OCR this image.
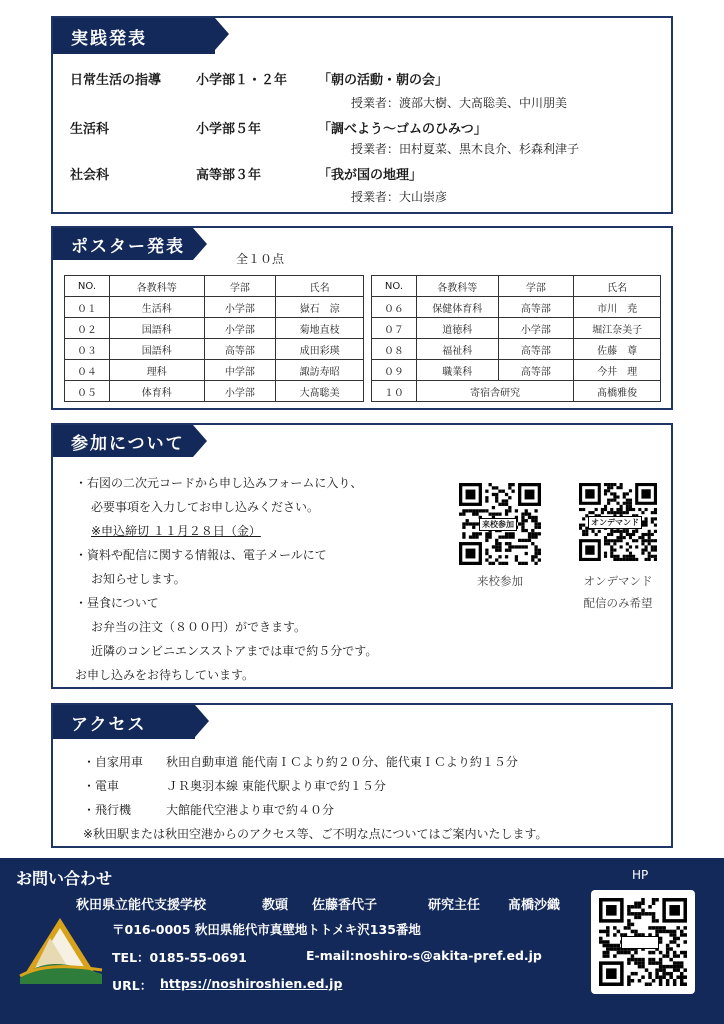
実践発表
日常生活の指導	小学部１・２年 「朝の活動・朝の会」
授業者：渡部大樹、大髙聡美、中川朋美
生活科	小学部５年	「調べよう～ゴムのひみつ」
授業者：田村夏菜、黒木良介、杉森利津子
社会科	高等部３年	「我が国の地理」
授業者：大山崇彦
ポスター発表
全１０点
NO.	各教科等	学部	氏名
０１	生活科	小学部	嶽石　涼
０２	国語科	小学部	菊地直枝
０３	国語科	高等部	成田彩瑛
０４	理科	中学部	諏訪寿昭
０５	体育科	小学部	大髙聡美
NO.	各教科等	学部	氏名
０６	保健体育科	高等部	市川　尭
０７	道徳科	小学部	堀江奈美子
０８	福祉科	高等部	佐藤　尊
０９	職業科	高等部	今井　理
１０	寄宿舎研究		髙橋雅俊
参加について
・右図の二次元コードから申し込みフォームに入り、
必要事項を入力してお申し込みください。
※申込締切 １１月２８日（金）
・資料や配信に関する情報は、電子メールにて
お知らせします。
・昼食について
お弁当の注文（８００円）ができます。
近隣のコンビニエンスストアまでは車で約５分です。
お申し込みをお待ちしています。
来校参加
来校参加
オンデマンド
オンデマンド
配信のみ希望
アクセス
・自家用車 秋田自動車道 能代南ＩＣより約２０分、能代東ＩＣより約１５分
・電車	ＪＲ奥羽本線 東能代駅より車で約１５分
・飛行機	大館能代空港より車で約４０分
※秋田駅または秋田空港からのアクセス等、ご不明な点についてはご案内いたします。
お問い合わせ
秋田県立能代支援学校	教頭 佐藤香代子	研究主任 髙橋沙織
〒016-0005 秋田県能代市真壁地トトメキ沢135番地
TEL：0185-55-0691	E-mail:noshiro-s@akita-pref.ed.jp
URL： https://noshiroshien.ed.jp
HP
能代支援
